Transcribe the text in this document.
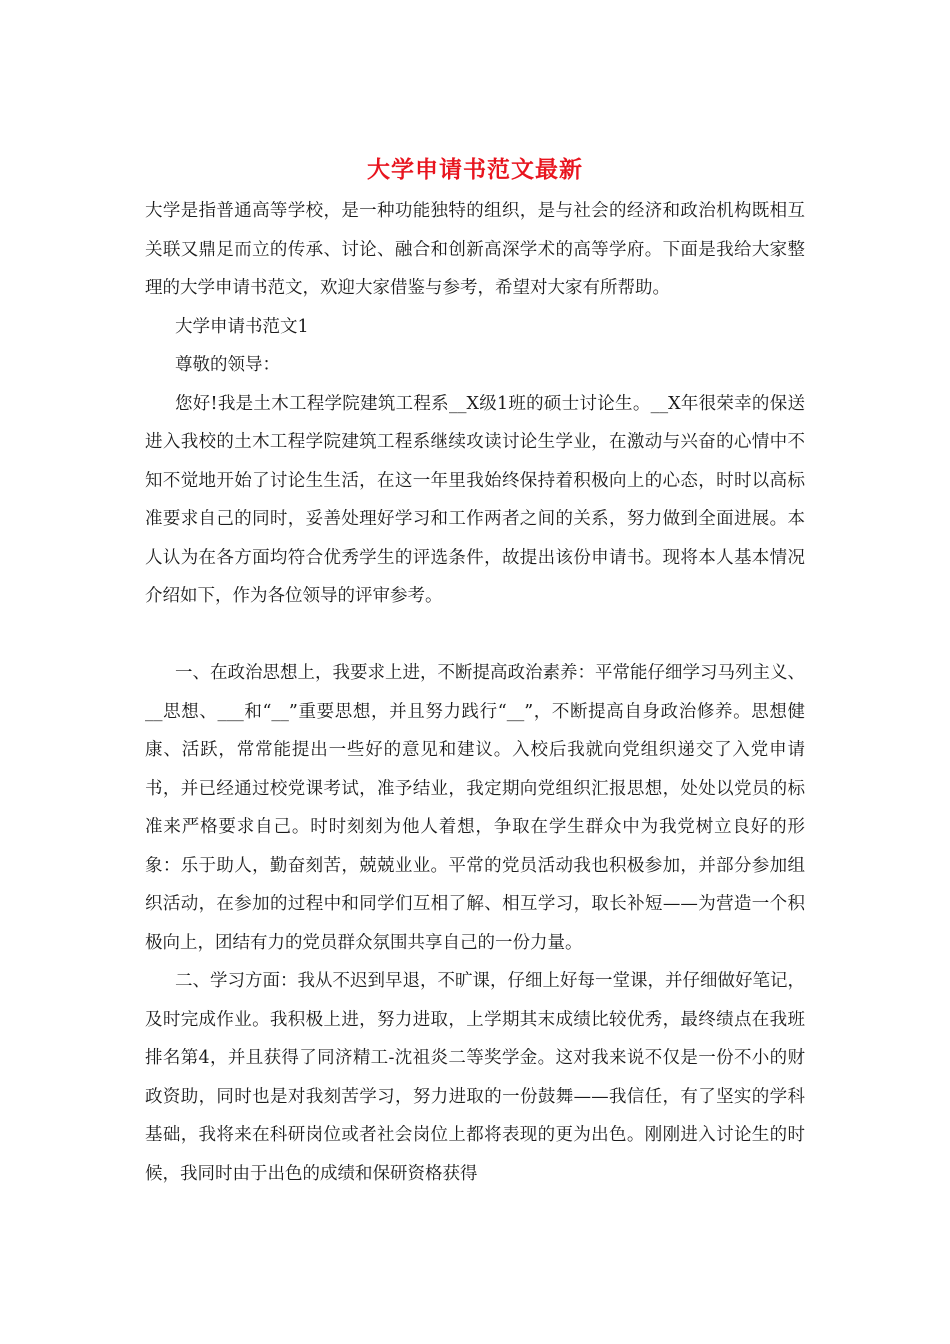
大学申请书范文最新

大学是指普通高等学校，是一种功能独特的组织，是与社会的经济和政治机构既相互关联又鼎足而立的传承、讨论、融合和创新高深学术的高等学府。下面是我给大家整理的大学申请书范文，欢迎大家借鉴与参考，希望对大家有所帮助。

大学申请书范文1

尊敬的领导：

您好!我是土木工程学院建筑工程系__X级1班的硕士讨论生。__X年很荣幸的保送进入我校的土木工程学院建筑工程系继续攻读讨论生学业，在激动与兴奋的心情中不知不觉地开始了讨论生生活，在这一年里我始终保持着积极向上的心态，时时以高标准要求自己的同时，妥善处理好学习和工作两者之间的关系，努力做到全面进展。本人认为在各方面均符合优秀学生的评选条件，故提出该份申请书。现将本人基本情况介绍如下，作为各位领导的评审参考。

一、在政治思想上，我要求上进，不断提高政治素养：平常能仔细学习马列主义、__思想、___和“__”重要思想，并且努力践行“__”，不断提高自身政治修养。思想健康、活跃，常常能提出一些好的意见和建议。入校后我就向党组织递交了入党申请书，并已经通过校党课考试，准予结业，我定期向党组织汇报思想，处处以党员的标准来严格要求自己。时时刻刻为他人着想，争取在学生群众中为我党树立良好的形象：乐于助人，勤奋刻苦，兢兢业业。平常的党员活动我也积极参加，并部分参加组织活动，在参加的过程中和同学们互相了解、相互学习，取长补短——为营造一个积极向上，团结有力的党员群众氛围共享自己的一份力量。

二、学习方面：我从不迟到早退，不旷课，仔细上好每一堂课，并仔细做好笔记，及时完成作业。我积极上进，努力进取，上学期其末成绩比较优秀，最终绩点在我班排名第4，并且获得了同济精工-沈祖炎二等奖学金。这对我来说不仅是一份不小的财政资助，同时也是对我刻苦学习，努力进取的一份鼓舞——我信任，有了坚实的学科基础，我将来在科研岗位或者社会岗位上都将表现的更为出色。刚刚进入讨论生的时候，我同时由于出色的成绩和保研资格获得
